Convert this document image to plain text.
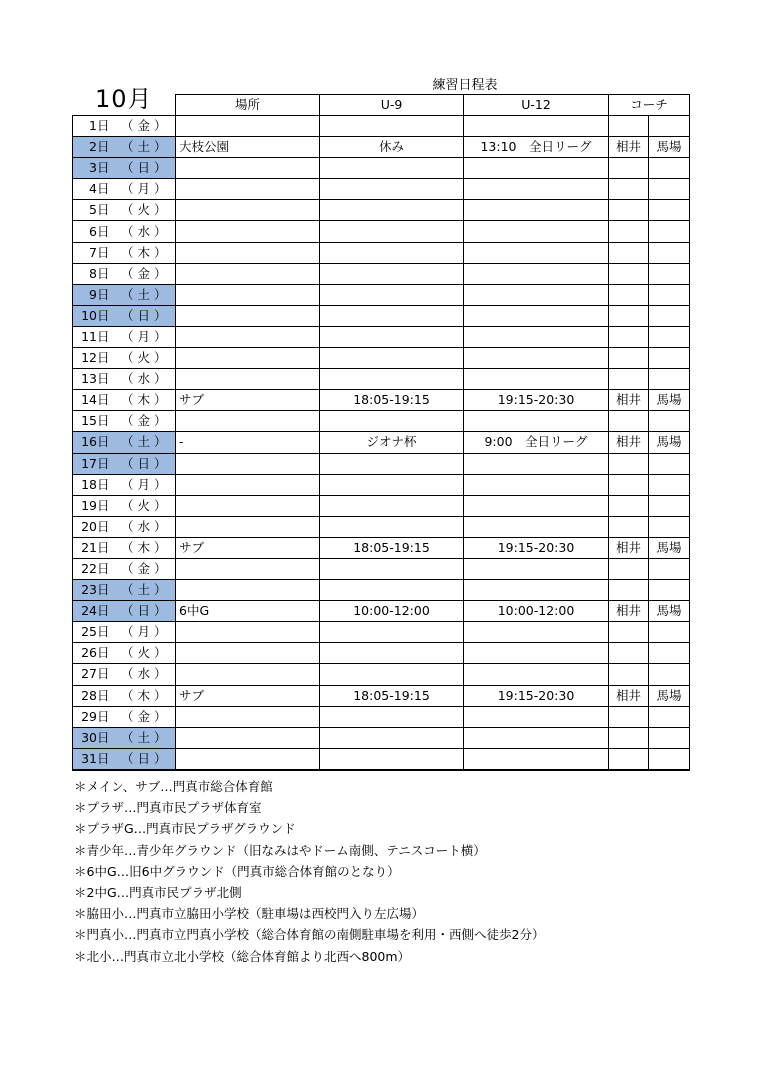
10月	練習日程表
		場所	U-9	U-12	コーチ	
1日	（ 金 ）					
2日	（ 土 ）	大枝公園	休み	13:10　全日リーグ	相井	馬場
3日	（ 日 ）					
4日	（ 月 ）					
5日	（ 火 ）					
6日	（ 水 ）					
7日	（ 木 ）					
8日	（ 金 ）					
9日	（ 土 ）					
10日	（ 日 ）					
11日	（ 月 ）					
12日	（ 火 ）					
13日	（ 水 ）					
14日	（ 木 ）	サブ	18:05-19:15	19:15-20:30	相井	馬場
15日	（ 金 ）					
16日	（ 土 ）	-	ジオナ杯	9:00　全日リーグ	相井	馬場
17日	（ 日 ）					
18日	（ 月 ）					
19日	（ 火 ）					
20日	（ 水 ）					
21日	（ 木 ）	サブ	18:05-19:15	19:15-20:30	相井	馬場
22日	（ 金 ）					
23日	（ 土 ）					
24日	（ 日 ）	6中G	10:00-12:00	10:00-12:00	相井	馬場
25日	（ 月 ）					
26日	（ 火 ）					
27日	（ 水 ）					
28日	（ 木 ）	サブ	18:05-19:15	19:15-20:30	相井	馬場
29日	（ 金 ）					
30日	（ 土 ）					
31日	（ 日 ）					
＊メイン、サブ…門真市総合体育館
＊プラザ…門真市民プラザ体育室
＊プラザG…門真市民プラザグラウンド
＊青少年…青少年グラウンド（旧なみはやドーム南側、テニスコート横）
＊6中G…旧6中グラウンド（門真市総合体育館のとなり）
＊2中G…門真市民プラザ北側
＊脇田小…門真市立脇田小学校（駐車場は西校門入り左広場）
＊門真小…門真市立門真小学校（総合体育館の南側駐車場を利用・西側へ徒歩2分）
＊北小…門真市立北小学校（総合体育館より北西へ800m）
